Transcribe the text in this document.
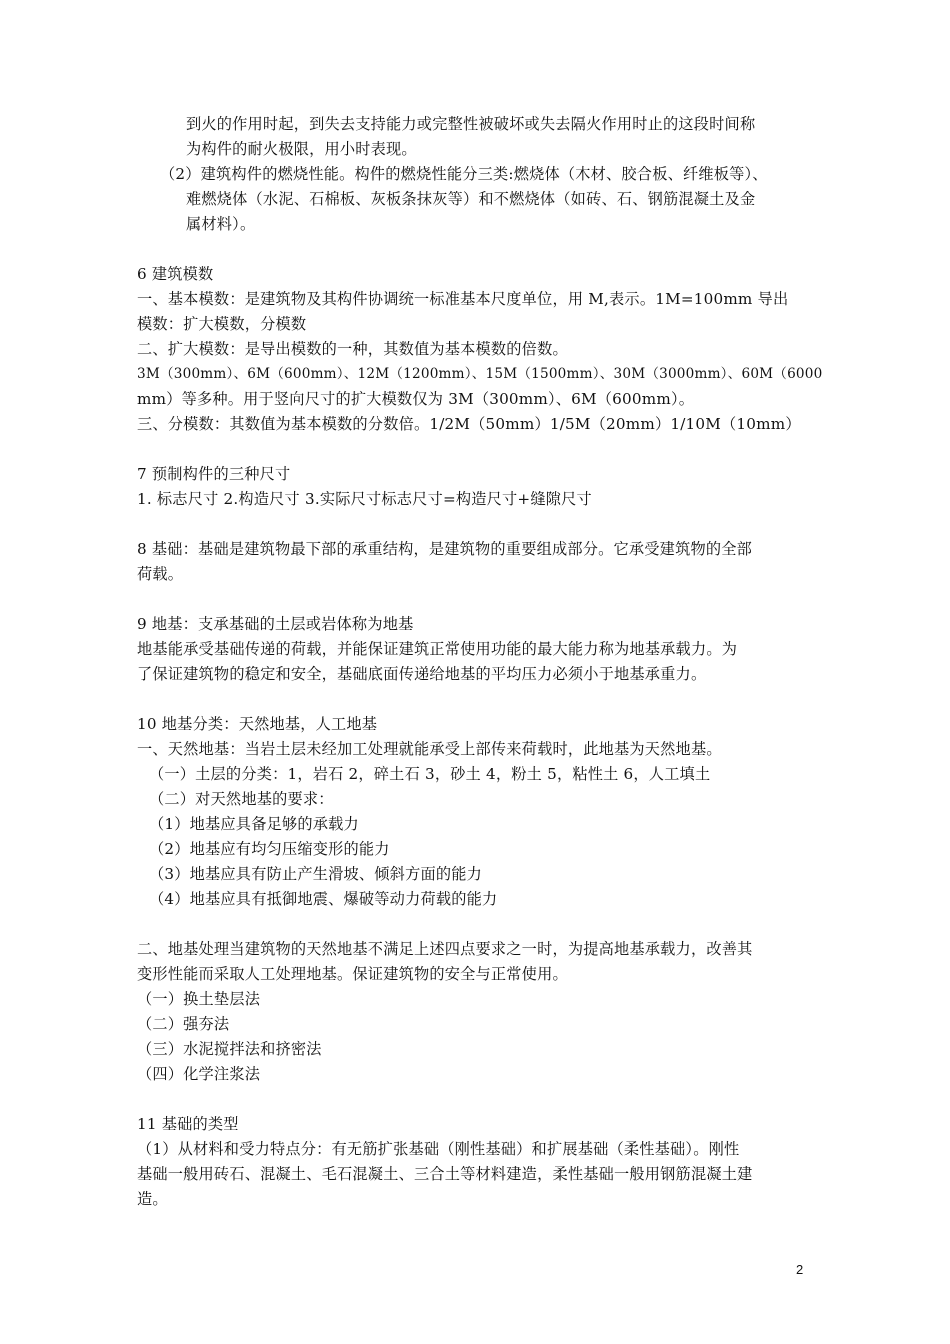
到火的作用时起，到失去支持能力或完整性被破坏或失去隔火作用时止的这段时间称
为构件的耐火极限，用小时表现。
（2）建筑构件的燃烧性能。构件的燃烧性能分三类:燃烧体（木材、胶合板、纤维板等）、
难燃烧体（水泥、石棉板、灰板条抹灰等）和不燃烧体（如砖、石、钢筋混凝土及金
属材料）。
6 建筑模数
一、基本模数：是建筑物及其构件协调统一标准基本尺度单位，用 M,表示。1M=100mm 导出
模数：扩大模数，分模数
二、扩大模数：是导出模数的一种，其数值为基本模数的倍数。
3M（300mm）、6M（600mm）、12M（1200mm）、15M（1500mm）、30M（3000mm）、60M（6000
mm）等多种。用于竖向尺寸的扩大模数仅为 3M（300mm）、6M（600mm）。
三、分模数：其数值为基本模数的分数倍。1/2M（50mm）1/5M（20mm）1/10M（10mm）
7 预制构件的三种尺寸
1. 标志尺寸 2.构造尺寸 3.实际尺寸标志尺寸=构造尺寸+缝隙尺寸
8 基础：基础是建筑物最下部的承重结构，是建筑物的重要组成部分。它承受建筑物的全部
荷载。
9 地基：支承基础的土层或岩体称为地基
地基能承受基础传递的荷载，并能保证建筑正常使用功能的最大能力称为地基承载力。为
了保证建筑物的稳定和安全，基础底面传递给地基的平均压力必须小于地基承重力。
10 地基分类：天然地基，人工地基
一、天然地基：当岩土层未经加工处理就能承受上部传来荷载时，此地基为天然地基。
（一）土层的分类：1，岩石 2，碎土石 3，砂土 4，粉土 5，粘性土 6，人工填土
（二）对天然地基的要求：
（1）地基应具备足够的承载力
（2）地基应有均匀压缩变形的能力
（3）地基应具有防止产生滑坡、倾斜方面的能力
（4）地基应具有抵御地震、爆破等动力荷载的能力
二、地基处理当建筑物的天然地基不满足上述四点要求之一时，为提高地基承载力，改善其
变形性能而采取人工处理地基。保证建筑物的安全与正常使用。
（一）换土垫层法
（二）强夯法
（三）水泥搅拌法和挤密法
（四）化学注浆法
11 基础的类型
（1）从材料和受力特点分：有无筋扩张基础（刚性基础）和扩展基础（柔性基础）。刚性
基础一般用砖石、混凝土、毛石混凝土、三合土等材料建造，柔性基础一般用钢筋混凝土建
造。
2
